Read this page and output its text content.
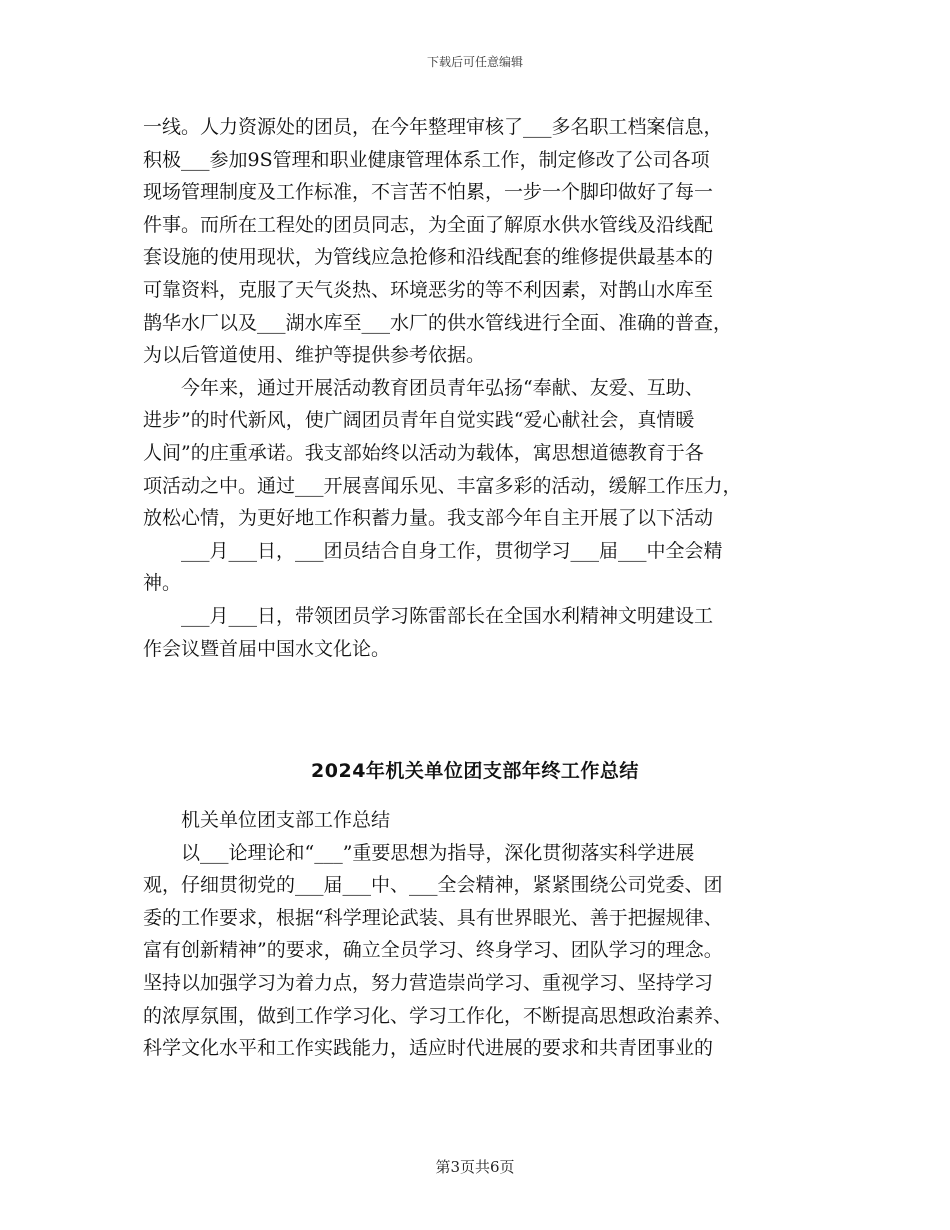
下载后可任意编辑

一线。人力资源处的团员，在今年整理审核了___多名职工档案信息，

积极___参加9S管理和职业健康管理体系工作，制定修改了公司各项

现场管理制度及工作标准，不言苦不怕累，一步一个脚印做好了每一

件事。而所在工程处的团员同志，为全面了解原水供水管线及沿线配

套设施的使用现状，为管线应急抢修和沿线配套的维修提供最基本的

可靠资料，克服了天气炎热、环境恶劣的等不利因素，对鹊山水库至

鹊华水厂以及___湖水库至___水厂的供水管线进行全面、准确的普查，

为以后管道使用、维护等提供参考依据。

　　今年来，通过开展活动教育团员青年弘扬“奉献、友爱、互助、

进步”的时代新风，使广阔团员青年自觉实践“爱心献社会，真情暖

人间”的庄重承诺。我支部始终以活动为载体，寓思想道德教育于各

项活动之中。通过___开展喜闻乐见、丰富多彩的活动，缓解工作压力，

放松心情，为更好地工作积蓄力量。我支部今年自主开展了以下活动

　　___月___日，___团员结合自身工作，贯彻学习___届___中全会精

神。

　　___月___日，带领团员学习陈雷部长在全国水利精神文明建设工

作会议暨首届中国水文化论。

2024年机关单位团支部年终工作总结

　　机关单位团支部工作总结

　　以___论理论和“___”重要思想为指导，深化贯彻落实科学进展

观，仔细贯彻党的___届___中、___全会精神，紧紧围绕公司党委、团

委的工作要求，根据“科学理论武装、具有世界眼光、善于把握规律、

富有创新精神”的要求，确立全员学习、终身学习、团队学习的理念。

坚持以加强学习为着力点，努力营造崇尚学习、重视学习、坚持学习

的浓厚氛围，做到工作学习化、学习工作化，不断提高思想政治素养、

科学文化水平和工作实践能力，适应时代进展的要求和共青团事业的

第3页共6页
